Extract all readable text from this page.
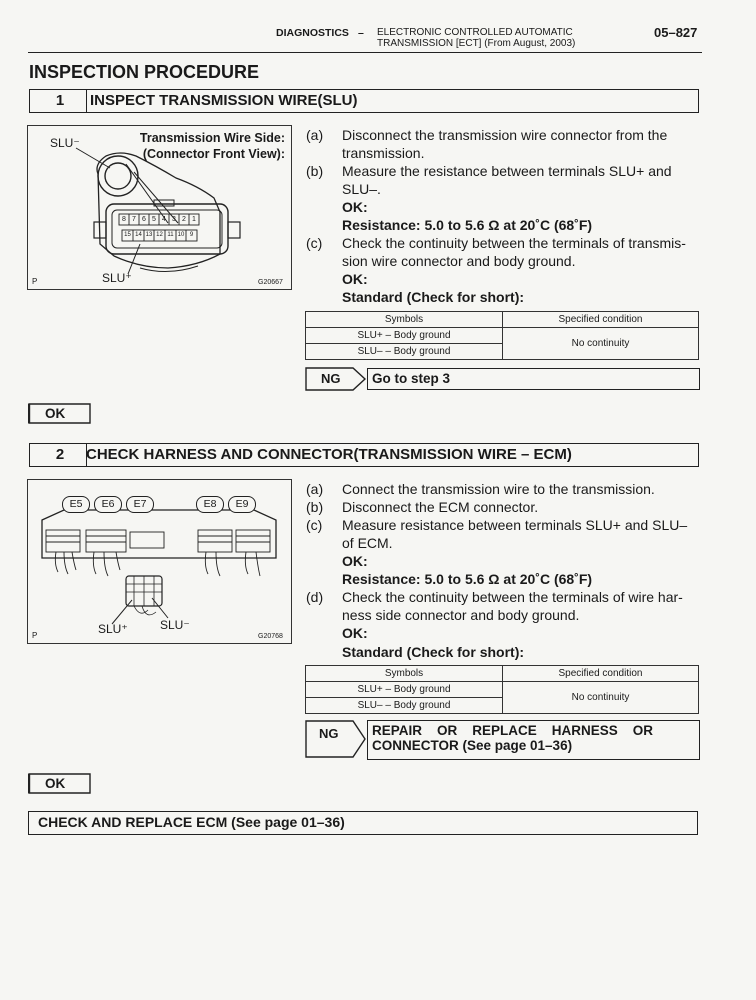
DIAGNOSTICS – ELECTRONIC CONTROLLED AUTOMATIC
TRANSMISSION [ECT] (From August, 2003)
05–827
INSPECTION PROCEDURE
1	INSPECT TRANSMISSION WIRE(SLU)
8 7 6 5 4 3 2 1
15 14 13 12 11 10 9
Transmission Wire Side:
(Connector Front View):
SLU⁻
SLU⁺
P	G20667
(a)	Disconnect the transmission wire connector from the
transmission.
(b)	Measure the resistance between terminals SLU+ and
SLU–.
OK:
Resistance: 5.0 to 5.6 Ω at 20˚C (68˚F)
(c)	Check the continuity between the terminals of transmis-
sion wire connector and body ground.
OK:
Standard (Check for short):
Symbols	Specified condition
SLU+ – Body ground	No continuity
SLU– – Body ground	
NG	Go to step 3
OK
2	CHECK HARNESS AND CONNECTOR(TRANSMISSION WIRE – ECM)
E5	E6	E7	E8	E9
SLU⁺	SLU⁻
P	G20768
(a)	Connect the transmission wire to the transmission.
(b)	Disconnect the ECM connector.
(c)	Measure resistance between terminals SLU+ and SLU–
of ECM.
OK:
Resistance: 5.0 to 5.6 Ω at 20˚C (68˚F)
(d)	Check the continuity between the terminals of wire har-
ness side connector and body ground.
OK:
Standard (Check for short):
Symbols	Specified condition
SLU+ – Body ground	No continuity
SLU– – Body ground	
NG REPAIR    OR    REPLACE    HARNESS    OR
CONNECTOR (See page 01–36)
OK
CHECK AND REPLACE ECM (See page 01–36)
